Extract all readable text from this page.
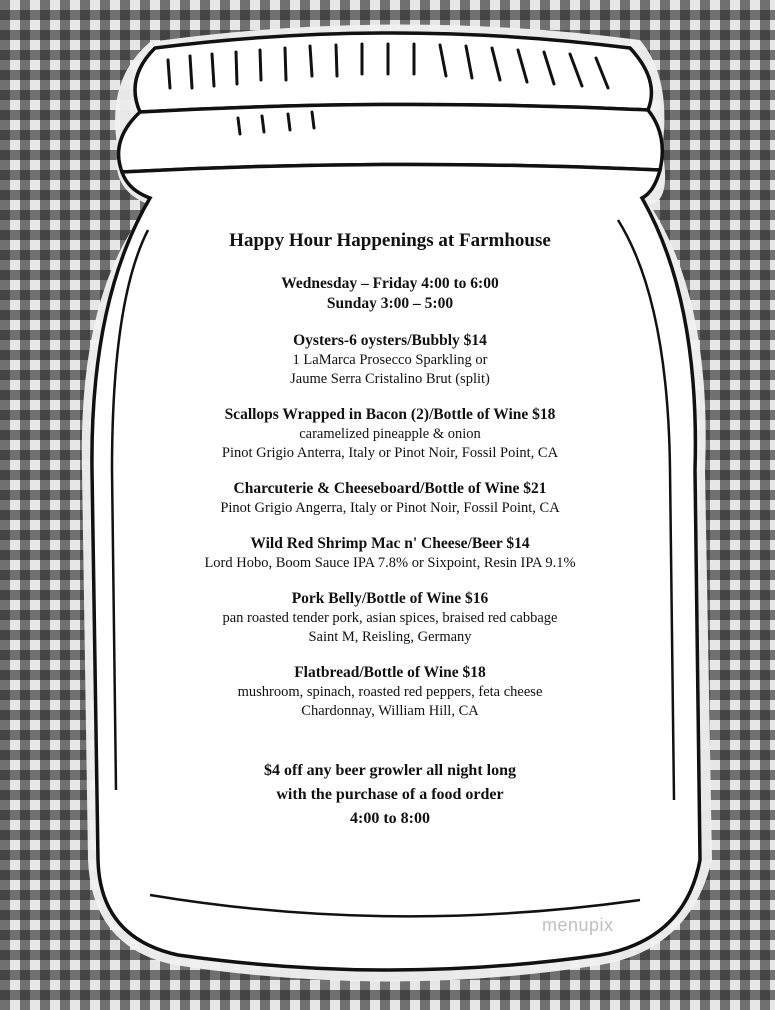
Happy Hour Happenings at Farmhouse
Wednesday – Friday 4:00 to 6:00
Sunday 3:00 – 5:00
Oysters-6 oysters/Bubbly $14
1 LaMarca Prosecco Sparkling or
Jaume Serra Cristalino Brut (split)
Scallops Wrapped in Bacon (2)/Bottle of Wine $18
caramelized pineapple & onion
Pinot Grigio Anterra, Italy or Pinot Noir, Fossil Point, CA
Charcuterie & Cheeseboard/Bottle of Wine $21
Pinot Grigio Angerra, Italy or Pinot Noir, Fossil Point, CA
Wild Red Shrimp Mac n' Cheese/Beer $14
Lord Hobo, Boom Sauce IPA 7.8% or Sixpoint, Resin IPA 9.1%
Pork Belly/Bottle of Wine $16
pan roasted tender pork, asian spices, braised red cabbage
Saint M, Reisling, Germany
Flatbread/Bottle of Wine $18
mushroom, spinach, roasted red peppers, feta cheese
Chardonnay, William Hill, CA
$4 off any beer growler all night long
with the purchase of a food order
4:00 to 8:00
menupix
